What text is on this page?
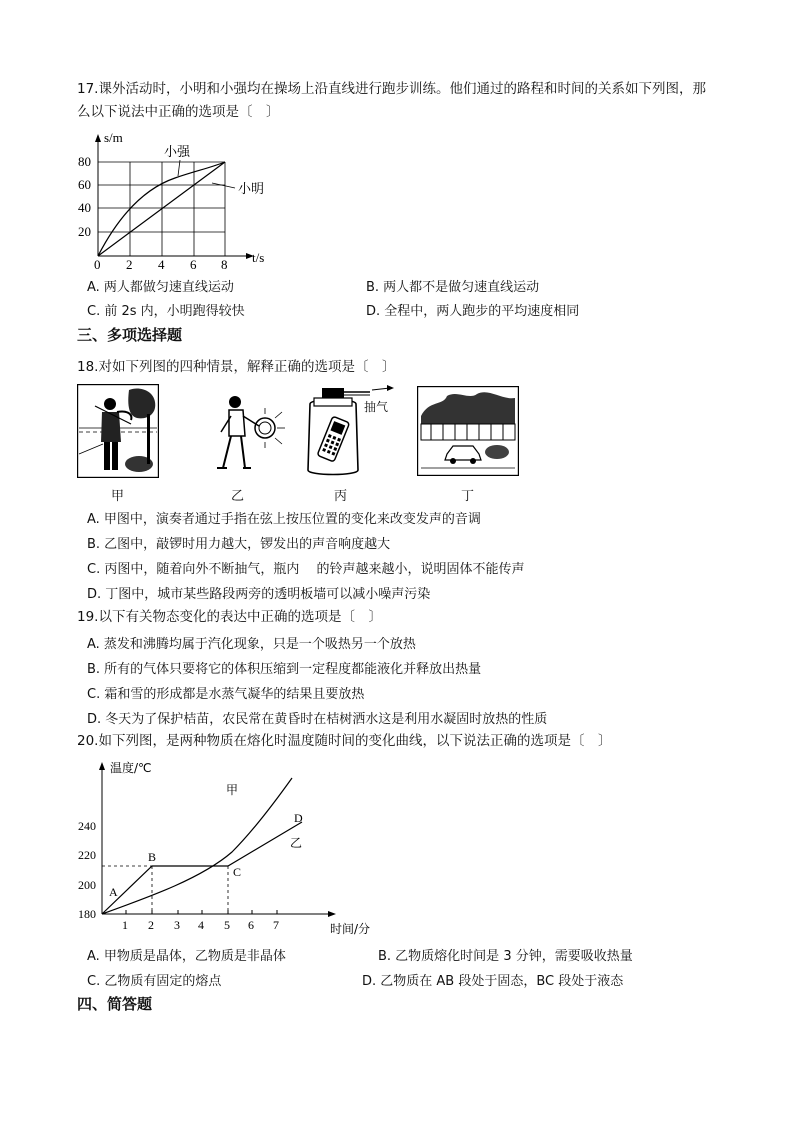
17.课外活动时，小明和小强均在操场上沿直线进行跑步训练。他们通过的路程和时间的关系如下列图，那
么以下说法中正确的选项是〔　〕
s/m
t/s
80
60
40
20
0 2 4 6 8
小强
小明
A. 两人都做匀速直线运动	B. 两人都不是做匀速直线运动
C. 前 2s 内，小明跑得较快	D. 全程中，两人跑步的平均速度相同
三、多项选择题
18.对如下列图的四种情景，解释正确的选项是〔　〕
甲	乙
抽气
丙	丁
A. 甲图中，演奏者通过手指在弦上按压位置的变化来改变发声的音调
B. 乙图中，敲锣时用力越大，锣发出的声音响度越大
C. 丙图中，随着向外不断抽气，瓶内　 的铃声越来越小，说明固体不能传声
D. 丁图中，城市某些路段两旁的透明板墙可以减小噪声污染
19.以下有关物态变化的表达中正确的选项是〔　〕
A. 蒸发和沸腾均属于汽化现象，只是一个吸热另一个放热
B. 所有的气体只要将它的体积压缩到一定程度都能液化并释放出热量
C. 霜和雪的形成都是水蒸气凝华的结果且要放热
D. 冬天为了保护桔苗，农民常在黄昏时在桔树洒水这是利用水凝固时放热的性质
20.如下列图，是两种物质在熔化时温度随时间的变化曲线，以下说法正确的选项是〔　〕
240
220
200
180
1 2 3 4 5 6 7
温度/℃
时间/分
甲
乙
A
B
C
D
A. 甲物质是晶体，乙物质是非晶体	B. 乙物质熔化时间是 3 分钟，需要吸收热量
C. 乙物质有固定的熔点	D. 乙物质在 AB 段处于固态，BC 段处于液态
四、简答题
